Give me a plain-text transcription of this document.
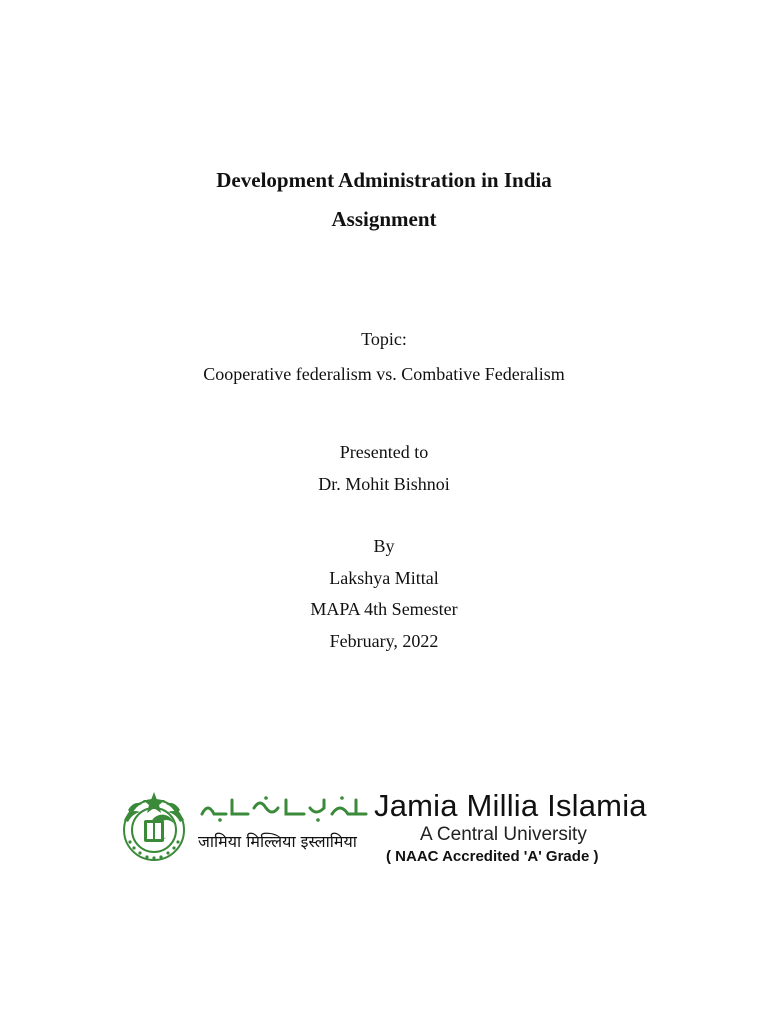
Development Administration in India
Assignment
Topic:
Cooperative federalism vs. Combative Federalism
Presented to
Dr. Mohit Bishnoi
By
Lakshya Mittal
MAPA 4th Semester
February, 2022
जामिया मिल्लिया इस्लामिया
Jamia Millia Islamia
A Central University
( NAAC Accredited 'A' Grade )
